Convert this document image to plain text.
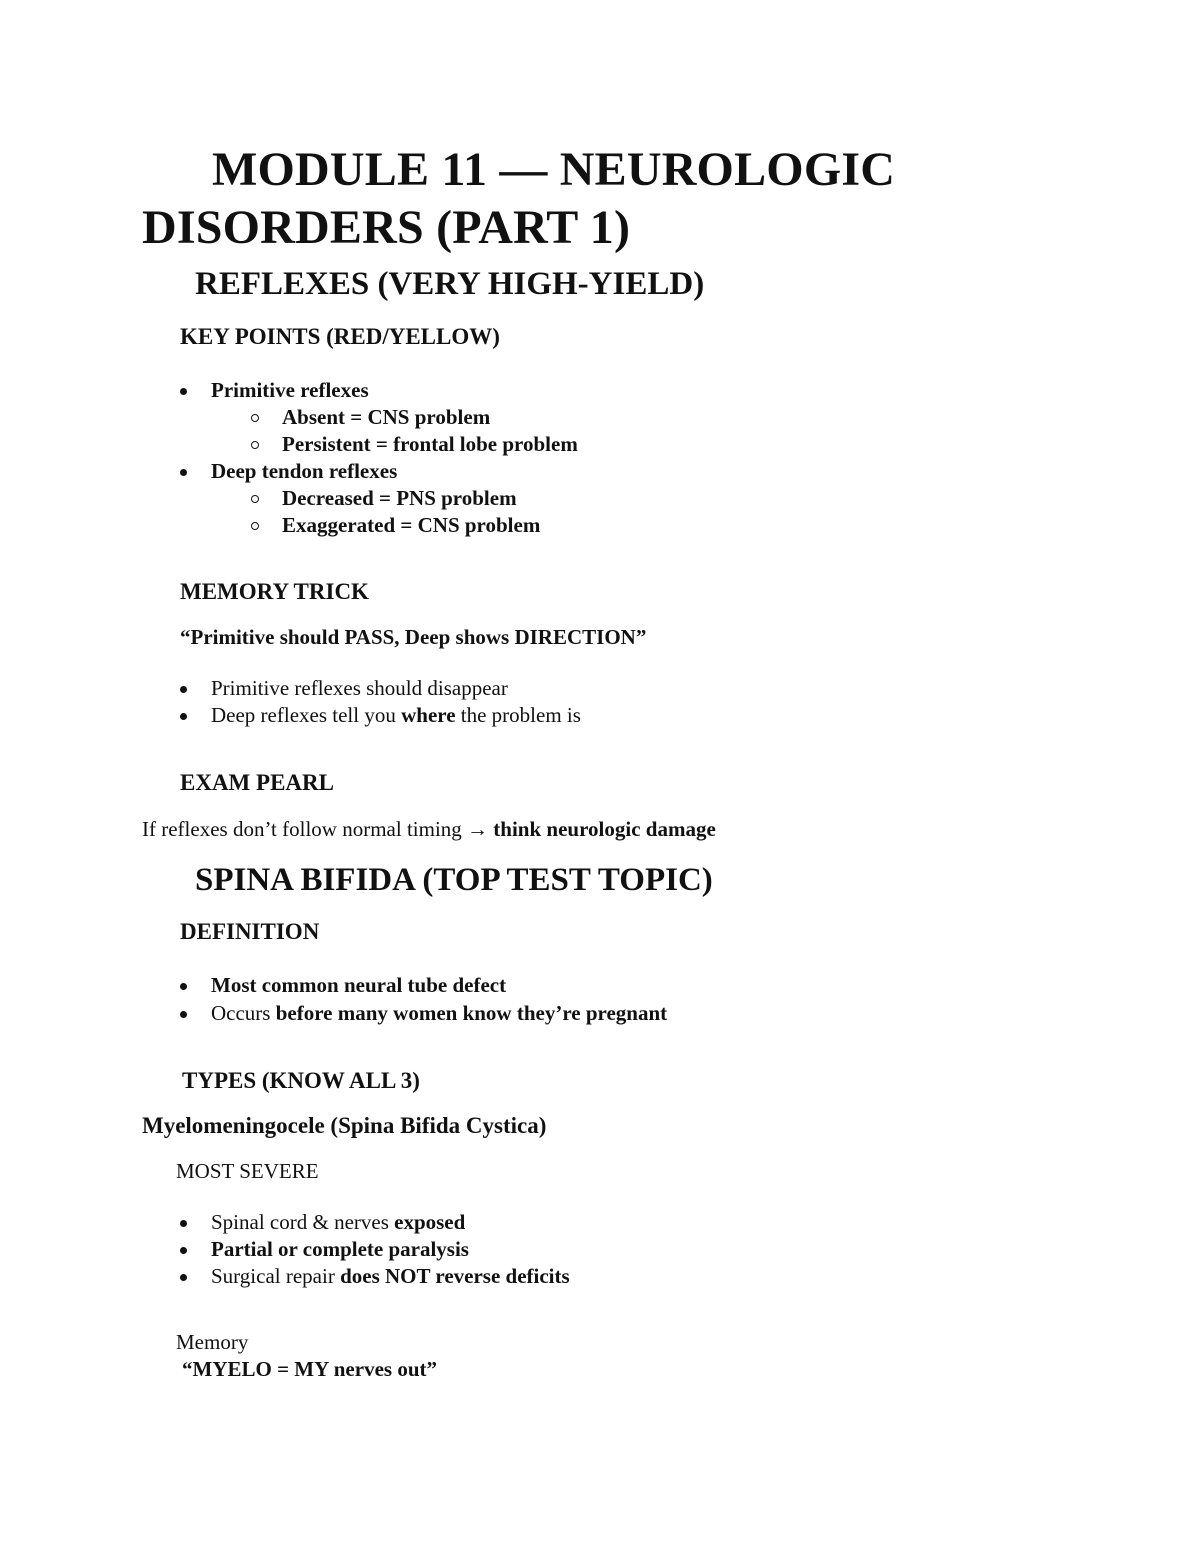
MODULE 11 — NEUROLOGIC
DISORDERS (PART 1)
REFLEXES (VERY HIGH-YIELD)
KEY POINTS (RED/YELLOW)
Primitive reflexes
Absent = CNS problem
Persistent = frontal lobe problem
Deep tendon reflexes
Decreased = PNS problem
Exaggerated = CNS problem
MEMORY TRICK
“Primitive should PASS, Deep shows DIRECTION”
Primitive reflexes should disappear
Deep reflexes tell you where the problem is
EXAM PEARL
If reflexes don’t follow normal timing → think neurologic damage
SPINA BIFIDA (TOP TEST TOPIC)
DEFINITION
Most common neural tube defect
Occurs before many women know they’re pregnant
TYPES (KNOW ALL 3)
Myelomeningocele (Spina Bifida Cystica)
MOST SEVERE
Spinal cord & nerves exposed
Partial or complete paralysis
Surgical repair does NOT reverse deficits
Memory
“MYELO = MY nerves out”
